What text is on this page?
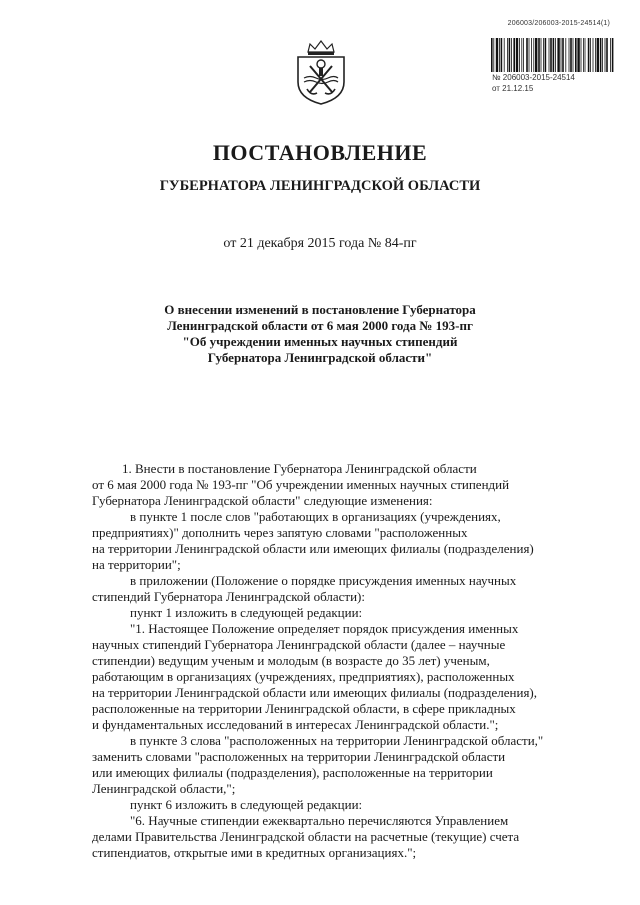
206003/206003-2015-24514(1)
№ 206003-2015-24514
от 21.12.15
ПОСТАНОВЛЕНИЕ
ГУБЕРНАТОРА ЛЕНИНГРАДСКОЙ ОБЛАСТИ
от 21 декабря 2015 года № 84-пг
О внесении изменений в постановление Губернатора
Ленинградской области от 6 мая 2000 года № 193-пг
"Об учреждении именных научных стипендий
Губернатора Ленинградской области"
1. Внести в постановление Губернатора Ленинградской области
от 6 мая 2000 года № 193-пг "Об учреждении именных научных стипендий
Губернатора Ленинградской области" следующие изменения:
в пункте 1 после слов "работающих в организациях (учреждениях,
предприятиях)" дополнить через запятую словами "расположенных
на территории Ленинградской области или имеющих филиалы (подразделения)
на территории";
в приложении (Положение о порядке присуждения именных научных
стипендий Губернатора Ленинградской области):
пункт 1 изложить в следующей редакции:
"1. Настоящее Положение определяет порядок присуждения именных
научных стипендий Губернатора Ленинградской области (далее – научные
стипендии) ведущим ученым и молодым (в возрасте до 35 лет) ученым,
работающим в организациях (учреждениях, предприятиях), расположенных
на территории Ленинградской области или имеющих филиалы (подразделения),
расположенные на территории Ленинградской области, в сфере прикладных
и фундаментальных исследований в интересах Ленинградской области.";
в пункте 3 слова "расположенных на территории Ленинградской области,"
заменить словами "расположенных на территории Ленинградской области
или имеющих филиалы (подразделения), расположенные на территории
Ленинградской области,";
пункт 6 изложить в следующей редакции:
"6. Научные стипендии ежеквартально перечисляются Управлением
делами Правительства Ленинградской области на расчетные (текущие) счета
стипендиатов, открытые ими в кредитных организациях.";
